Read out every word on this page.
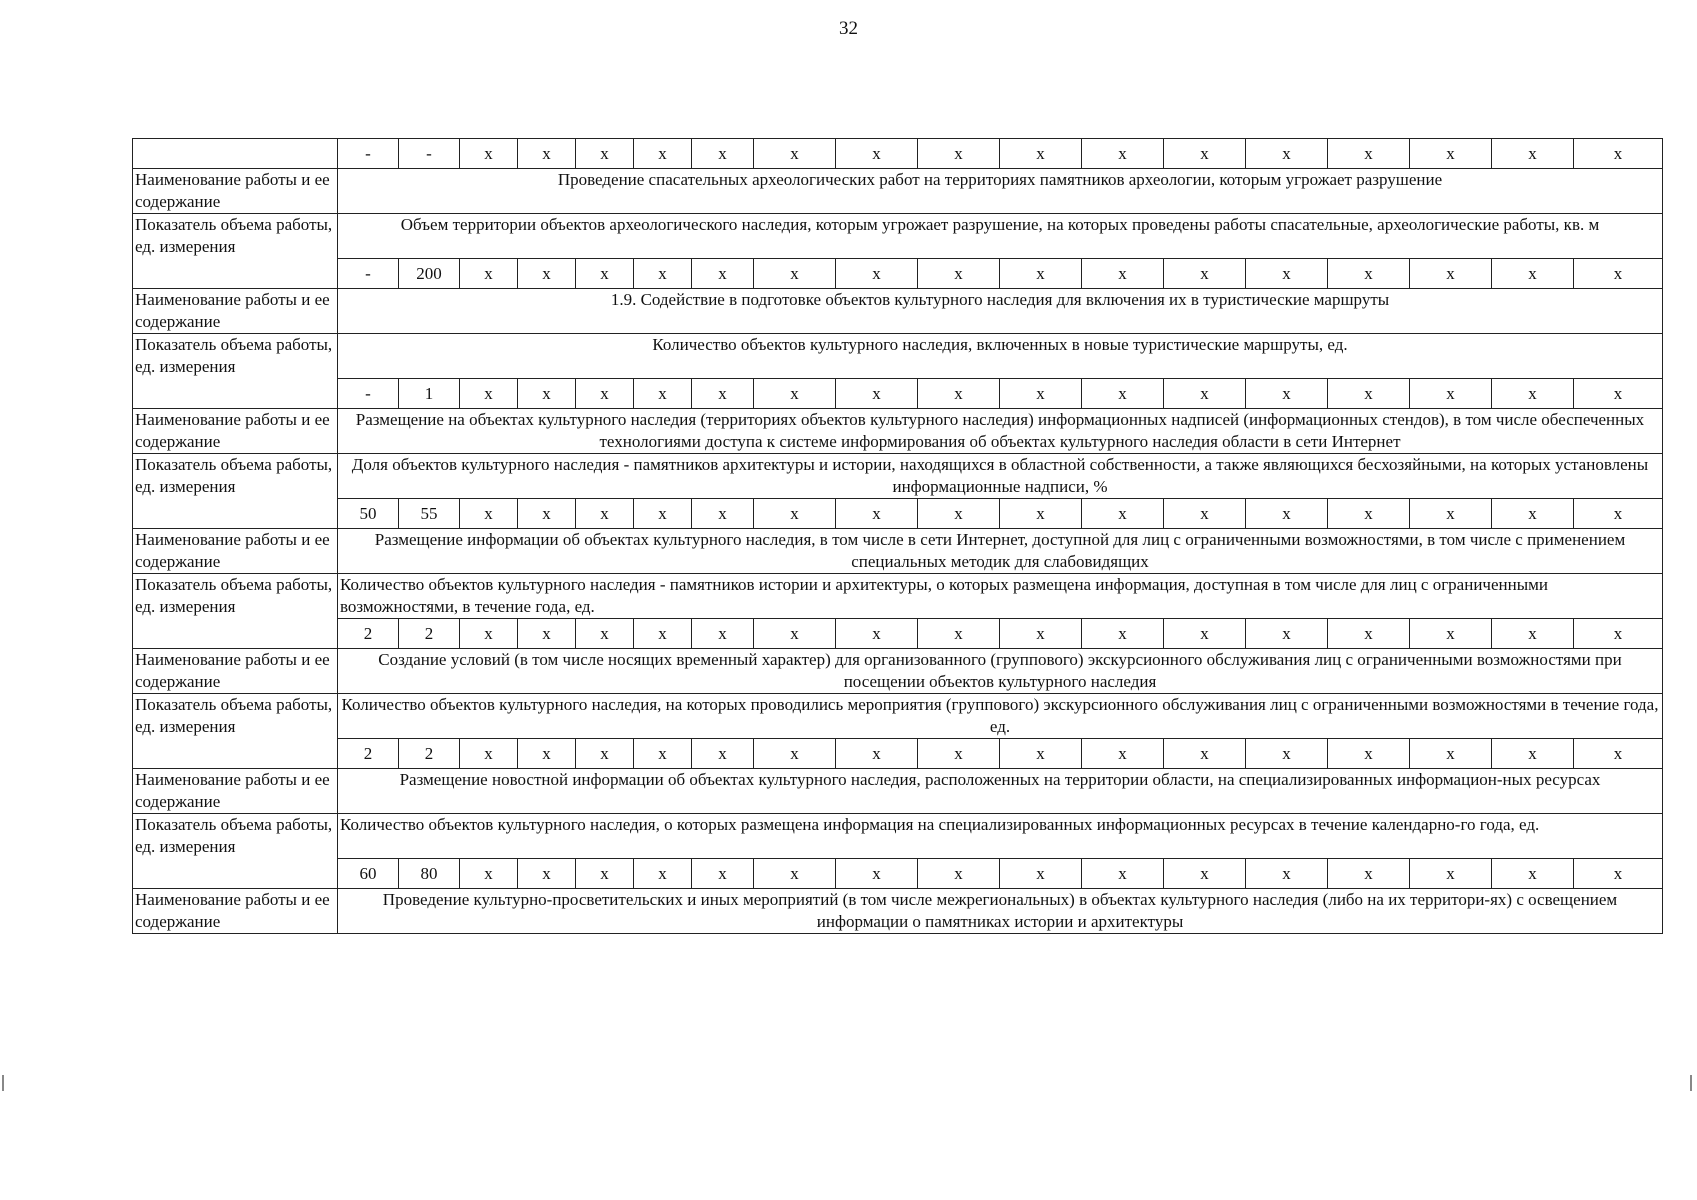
32
	-	-	x	x	x	x	x	x	x	x	x	x	x	x	x	x	x	x
Наименование работы и ее содержание	Проведение спасательных археологических работ на территориях памятников археологии, которым угрожает разрушение																	
Показатель объема работы, ед. измерения	Объем территории объектов археологического наследия, которым угрожает разрушение, на которых проведены работы спасательные, археологические работы, кв. м																	
	-	200	x	x	x	x	x	x	x	x	x	x	x	x	x	x	x	x
Наименование работы и ее содержание	1.9. Содействие в подготовке объектов культурного наследия для включения их в туристические маршруты																	
Показатель объема работы, ед. измерения	Количество объектов культурного наследия, включенных в новые туристические маршруты, ед.																	
	-	1	x	x	x	x	x	x	x	x	x	x	x	x	x	x	x	x
Наименование работы и ее содержание	Размещение на объектах культурного наследия (территориях объектов культурного наследия) информационных надписей (информационных стендов), в том числе обеспеченных технологиями доступа к системе информирования об объектах культурного наследия области в сети Интернет																	
Показатель объема работы, ед. измерения	Доля объектов культурного наследия - памятников архитектуры и истории, находящихся в областной собственности, а также являющихся бесхозяйными, на которых установлены информационные надписи, %																	
	50	55	x	x	x	x	x	x	x	x	x	x	x	x	x	x	x	x
Наименование работы и ее содержание	Размещение информации об объектах культурного наследия, в том числе в сети Интернет, доступной для лиц с ограниченными возможностями, в том числе с применением специальных методик для слабовидящих																	
Показатель объема работы, ед. измерения	Количество объектов культурного наследия - памятников истории и архитектуры, о которых размещена информация, доступная в том числе для лиц с ограниченными возможностями, в течение года, ед.																	
	2	2	x	x	x	x	x	x	x	x	x	x	x	x	x	x	x	x
Наименование работы и ее содержание	Создание условий (в том числе носящих временный характер) для организованного (группового) экскурсионного обслуживания лиц с ограниченными возможностями при посещении объектов культурного наследия																	
Показатель объема работы, ед. измерения	Количество объектов культурного наследия, на которых проводились мероприятия (группового) экскурсионного обслуживания лиц с ограниченными возможностями в течение года, ед.																	
	2	2	x	x	x	x	x	x	x	x	x	x	x	x	x	x	x	x
Наименование работы и ее содержание	Размещение новостной информации об объектах культурного наследия, расположенных на территории области, на специализированных информацион-ных ресурсах																	
Показатель объема работы, ед. измерения	Количество объектов культурного наследия, о которых размещена информация на специализированных информационных ресурсах в течение календарно-го года, ед.																	
	60	80	x	x	x	x	x	x	x	x	x	x	x	x	x	x	x	x
Наименование работы и ее содержание	Проведение культурно-просветительских и иных мероприятий (в том числе межрегиональных) в объектах культурного наследия (либо на их территори-ях) с освещением информации о памятниках истории и архитектуры																	
